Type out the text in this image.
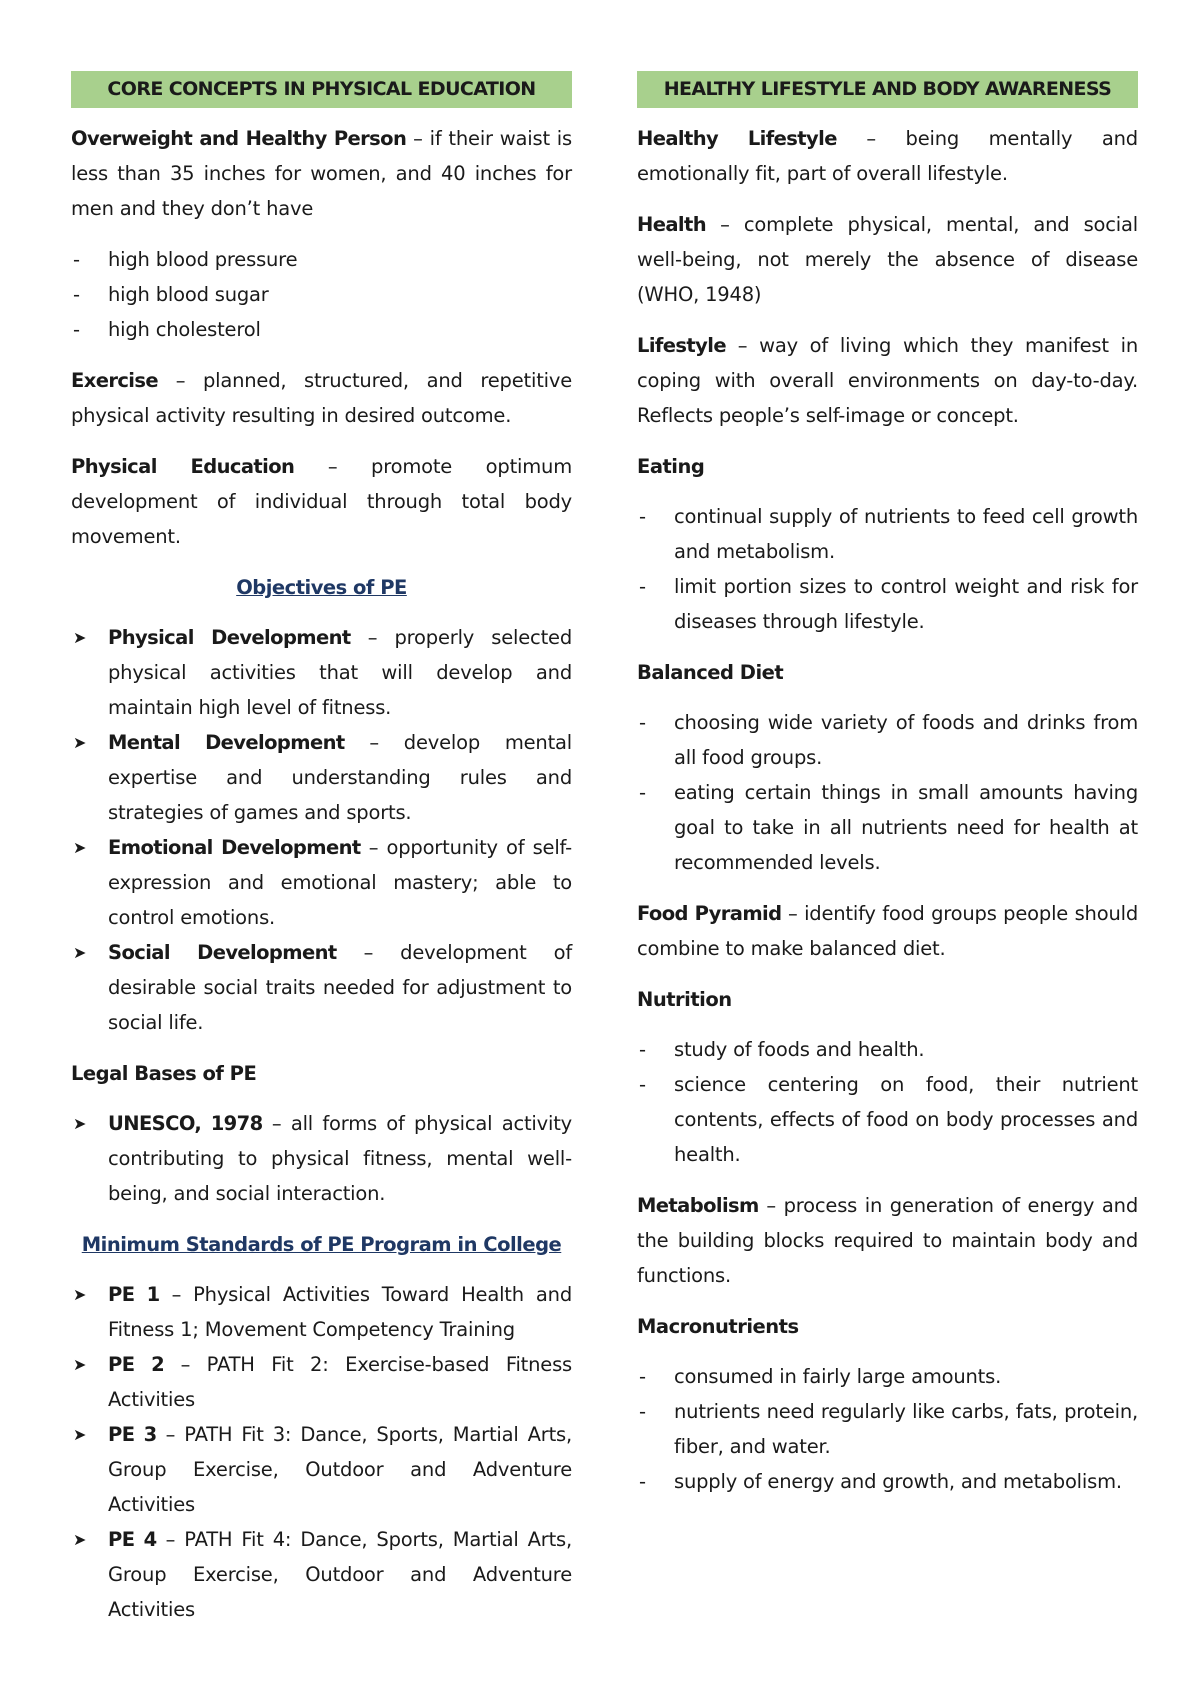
CORE CONCEPTS IN PHYSICAL EDUCATION

Overweight and Healthy Person – if their waist is less than 35 inches for women, and 40 inches for men and they don’t have

- high blood pressure
- high blood sugar
- high cholesterol

Exercise – planned, structured, and repetitive physical activity resulting in desired outcome.

Physical Education – promote optimum development of individual through total body movement.

Objectives of PE
➤ Physical Development – properly selected physical activities that will develop and maintain high level of fitness.
➤ Mental Development – develop mental expertise and understanding rules and strategies of games and sports.
➤ Emotional Development – opportunity of self-expression and emotional mastery; able to control emotions.
➤ Social Development – development of desirable social traits needed for adjustment to social life.
Legal Bases of PE
➤ UNESCO, 1978 – all forms of physical activity contributing to physical fitness, mental well-being, and social interaction.
Minimum Standards of PE Program in College
➤ PE 1 – Physical Activities Toward Health and Fitness 1; Movement Competency Training
➤ PE 2 – PATH Fit 2: Exercise-based Fitness Activities
➤ PE 3 – PATH Fit 3: Dance, Sports, Martial Arts, Group Exercise, Outdoor and Adventure Activities
➤ PE 4 – PATH Fit 4: Dance, Sports, Martial Arts, Group Exercise, Outdoor and Adventure Activities
HEALTHY LIFESTYLE AND BODY AWARENESS

Healthy Lifestyle – being mentally and emotionally fit, part of overall lifestyle.

Health – complete physical, mental, and social well-being, not merely the absence of disease (WHO, 1948)

Lifestyle – way of living which they manifest in coping with overall environments on day-to-day. Reflects people’s self-image or concept.

Eating
- continual supply of nutrients to feed cell growth and metabolism.
- limit portion sizes to control weight and risk for diseases through lifestyle.
Balanced Diet
- choosing wide variety of foods and drinks from all food groups.
- eating certain things in small amounts having goal to take in all nutrients need for health at recommended levels.

Food Pyramid – identify food groups people should combine to make balanced diet.

Nutrition
- study of foods and health.
- science centering on food, their nutrient contents, effects of food on body processes and health.

Metabolism – process in generation of energy and the building blocks required to maintain body and functions.

Macronutrients
- consumed in fairly large amounts.
- nutrients need regularly like carbs, fats, protein, fiber, and water.
- supply of energy and growth, and metabolism.
